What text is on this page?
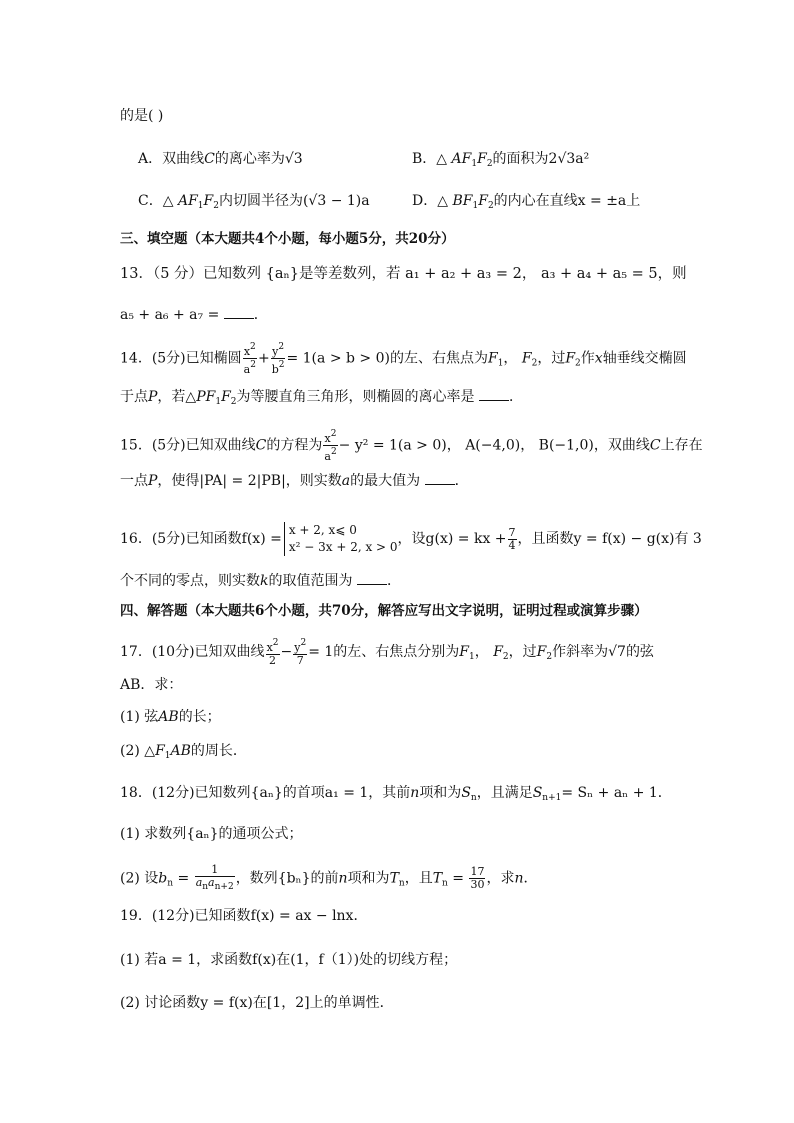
的是( )
A．双曲线C的离心率为√3	B．△ $AF_1F_2$的面积为2√3a²
C．△ $AF_1F_2$内切圆半径为(√3 − 1)a	D．△ $BF_1F_2$的内心在直线x = ±a上
三、填空题（本大题共4个小题，每小题5分，共20分）
13．（5 分）已知数列 {aₙ}是等差数列，若 a₁ + a₂ + a₃ = 2， a₃ + a₄ + a₅ = 5，则
a₅ + a₆ + a₇ = ．
14．(5分)已知椭圆 $\frac{x^2}{a^2} + \frac{y^2}{b^2} = 1(a > b > 0)$的左、右焦点为$F_1$， $F_2$，过$F_2$作x轴垂线交椭圆
于点P，若$\triangle PF_1F_2$为等腰直角三角形，则椭圆的离心率是 ．
15．(5分)已知双曲线C的方程为 $\frac{x^2}{a^2} - y^2 = 1(a > 0)$， A(−4,0)， B(−1,0)，双曲线C上存在
一点P，使得|PA| = 2|PB|，则实数a的最大值为 ．
16．(5分)已知函数f(x) =
x + 2, x⩽ 0
x² − 3x + 2, x > 0 ，设g(x) = kx + $\frac{7}{4}$ ，且函数y = f(x) − g(x)有 3
个不同的零点，则实数k的取值范围为 ．
四、解答题（本大题共6个小题，共70分，解答应写出文字说明，证明过程或演算步骤）
17．(10分)已知双曲线 $\frac{x^2}{2} - \frac{y^2}{7} = 1$的左、右焦点分别为$F_1$， $F_2$，过$F_2$作斜率为√7的弦
AB．求：
(1) 弦AB的长；
(2) $\triangle F_1AB$的周长．
18．(12分)已知数列{aₙ}的首项a₁ = 1，其前n项和为$S_n$，且满足$S_{n+1}= S_n + a_n + 1$．
(1) 求数列{aₙ}的通项公式；
(2) 设$b_n = \frac{1}{a_na_{n+2}}$ ，数列{bₙ}的前n项和为$T_n$，且$T_n = \frac{17}{30}$ ，求n．
19．(12分)已知函数f(x) = ax − lnx．
(1) 若a = 1，求函数f(x)在(1，f（1）)处的切线方程；
(2) 讨论函数y = f(x)在[1，2]上的单调性．
